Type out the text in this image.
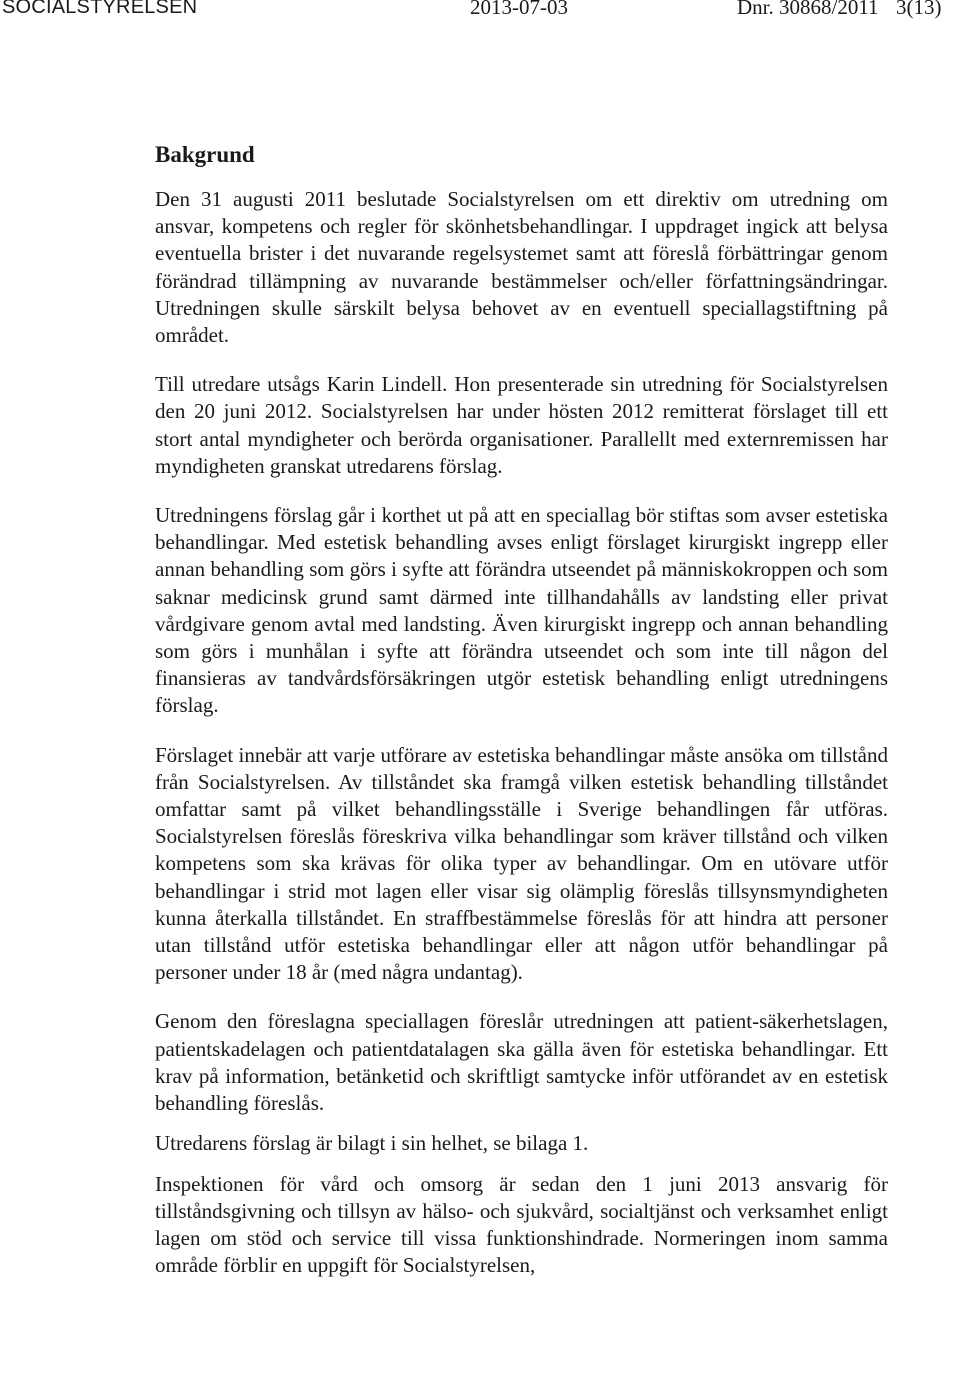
SOCIALSTYRELSEN	2013-07-03	Dnr. 30868/2011 3(13)
Bakgrund

Den 31 augusti 2011 beslutade Socialstyrelsen om ett direktiv om utredning om ansvar, kompetens och regler för skönhetsbehandlingar. I uppdraget ingick att belysa eventuella brister i det nuvarande regelsystemet samt att föreslå förbättringar genom förändrad tillämpning av nuvarande bestämmelser och/eller författningsändringar. Utredningen skulle särskilt belysa behovet av en eventuell speciallagstiftning på området.

Till utredare utsågs Karin Lindell. Hon presenterade sin utredning för Socialstyrelsen den 20 juni 2012. Socialstyrelsen har under hösten 2012 remitterat förslaget till ett stort antal myndigheter och berörda organisationer. Parallellt med externremissen har myndigheten granskat utredarens förslag.

Utredningens förslag går i korthet ut på att en speciallag bör stiftas som avser estetiska behandlingar. Med estetisk behandling avses enligt förslaget kirurgiskt ingrepp eller annan behandling som görs i syfte att förändra utseendet på människokroppen och som saknar medicinsk grund samt därmed inte tillhandahålls av landsting eller privat vårdgivare genom avtal med landsting. Även kirurgiskt ingrepp och annan behandling som görs i munhålan i syfte att förändra utseendet och som inte till någon del finansieras av tandvårdsförsäkringen utgör estetisk behandling enligt utredningens förslag.

Förslaget innebär att varje utförare av estetiska behandlingar måste ansöka om tillstånd från Socialstyrelsen. Av tillståndet ska framgå vilken estetisk behandling tillståndet omfattar samt på vilket behandlingsställe i Sverige behandlingen får utföras. Socialstyrelsen föreslås föreskriva vilka behandlingar som kräver tillstånd och vilken kompetens som ska krävas för olika typer av behandlingar. Om en utövare utför behandlingar i strid mot lagen eller visar sig olämplig föreslås tillsynsmyndigheten kunna återkalla tillståndet. En straffbestämmelse föreslås för att hindra att personer utan tillstånd utför estetiska behandlingar eller att någon utför behandlingar på personer under 18 år (med några undantag).

Genom den föreslagna speciallagen föreslår utredningen att patient-säkerhetslagen, patientskadelagen och patientdatalagen ska gälla även för estetiska behandlingar. Ett krav på information, betänketid och skriftligt samtycke inför utförandet av en estetisk behandling föreslås.

Utredarens förslag är bilagt i sin helhet, se bilaga 1.

Inspektionen för vård och omsorg är sedan den 1 juni 2013 ansvarig för tillståndsgivning och tillsyn av hälso- och sjukvård, socialtjänst och verksamhet enligt lagen om stöd och service till vissa funktionshindrade. Normeringen inom samma område förblir en uppgift för Socialstyrelsen,
